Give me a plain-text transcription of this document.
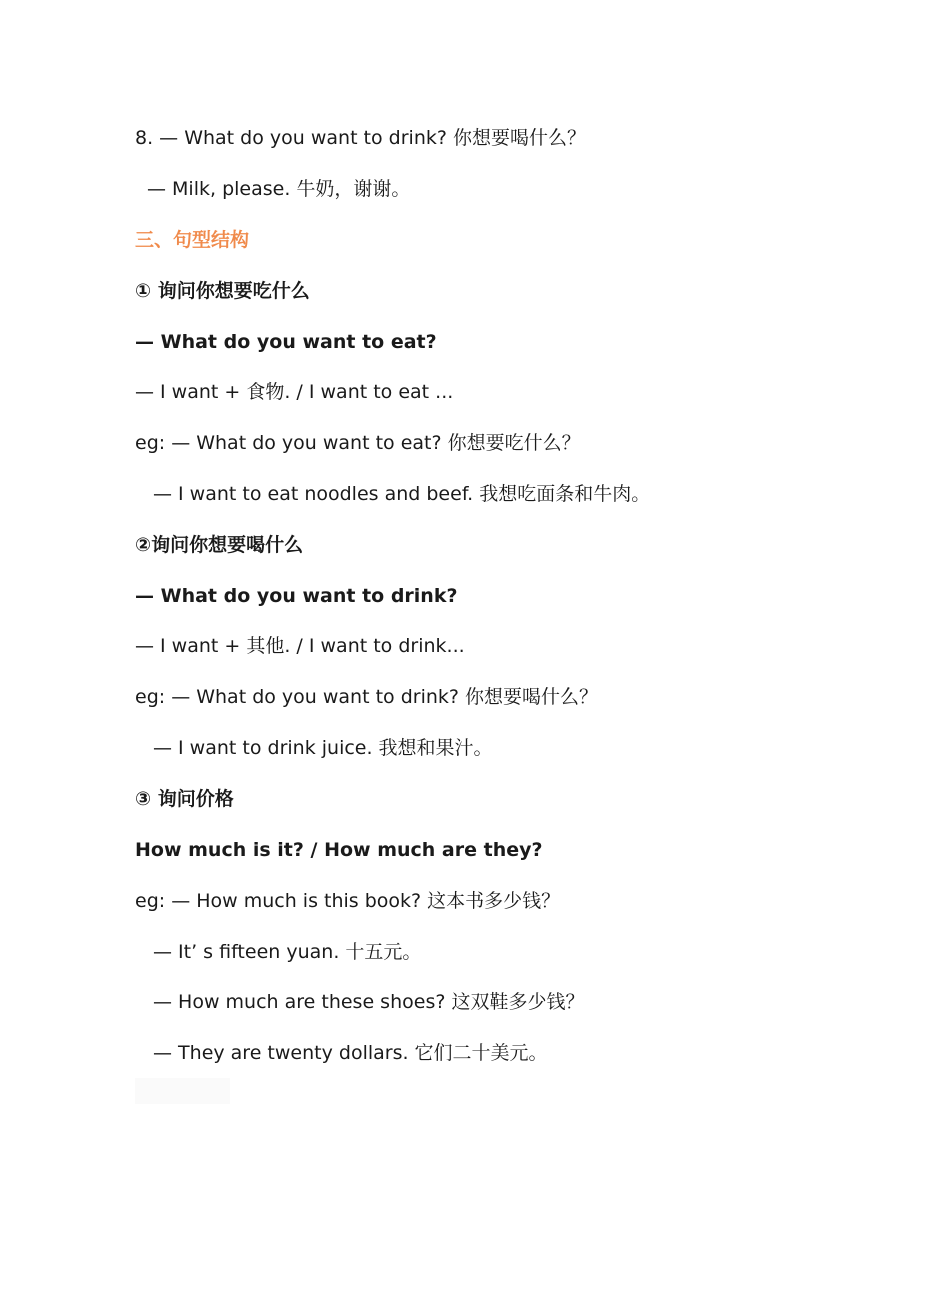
8. — What do you want to drink? 你想要喝什么？
— Milk, please. 牛奶，谢谢。
三、句型结构
① 询问你想要吃什么
— What do you want to eat?
— I want + 食物. / I want to eat ...
eg: — What do you want to eat? 你想要吃什么？
— I want to eat noodles and beef. 我想吃面条和牛肉。
②询问你想要喝什么
— What do you want to drink?
— I want + 其他. / I want to drink...
eg: — What do you want to drink? 你想要喝什么？
— I want to drink juice. 我想和果汁。
③ 询问价格
How much is it? / How much are they?
eg: — How much is this book? 这本书多少钱？
— It’ s fifteen yuan. 十五元。
— How much are these shoes? 这双鞋多少钱？
— They are twenty dollars. 它们二十美元。
